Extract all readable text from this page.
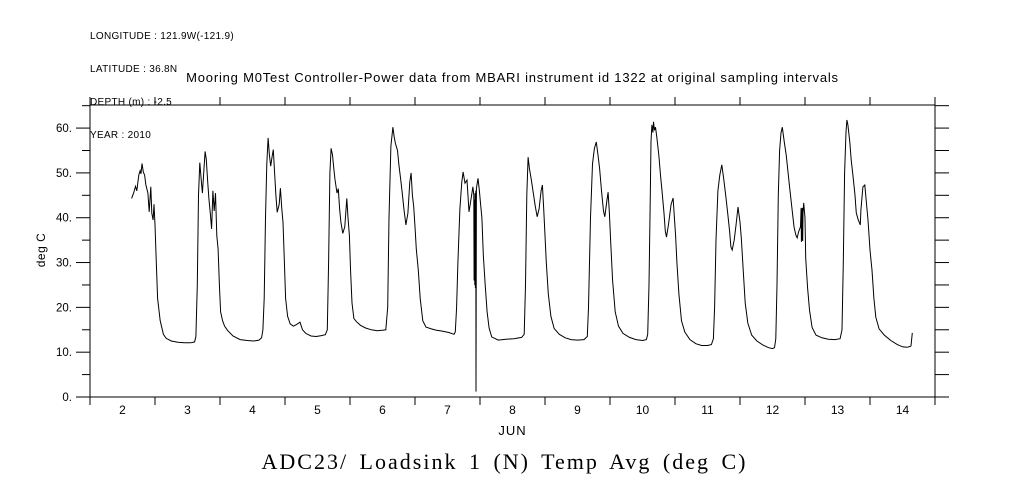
LONGITUDE : 121.9W(-121.9)

LATITUDE : 36.8N

DEPTH (m) : -2.5

YEAR : 2010

Mooring M0Test Controller-Power data from MBARI instrument id 1322 at original sampling intervals
0.
10.
20.
30.
40.
50.
60.
2	3	4	5	6	7	8	9	10	11	12	13	14
deg C
JUN
ADC23/ Loadsink 1 (N) Temp Avg (deg C)
